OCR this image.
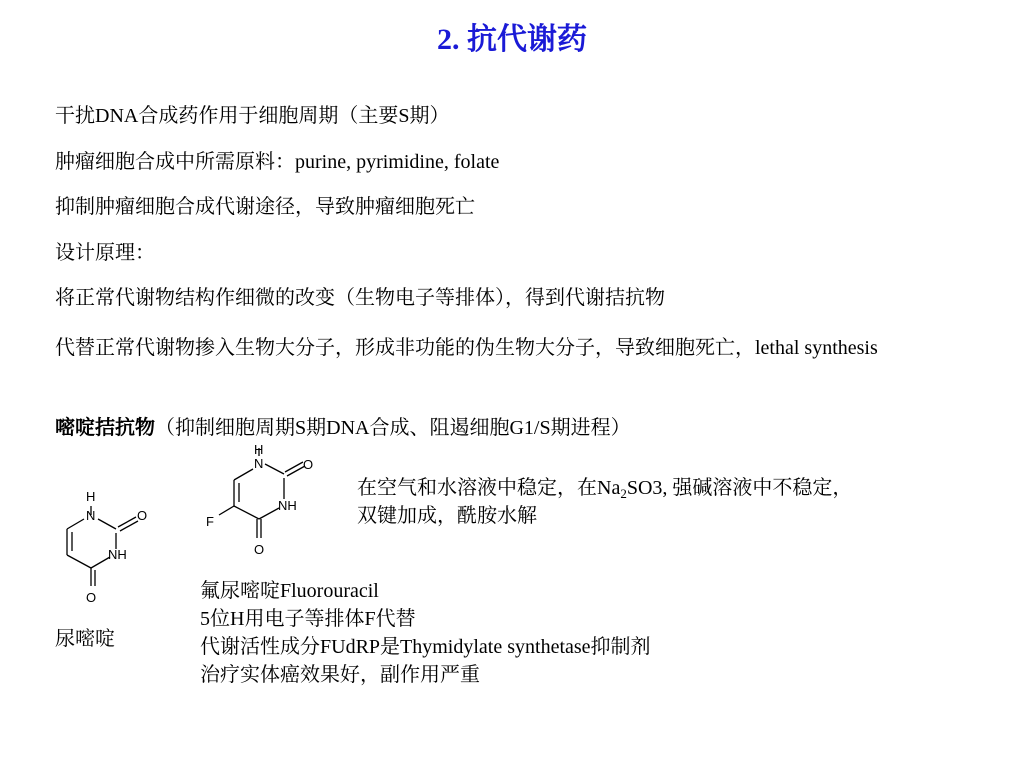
2. 抗代谢药
干扰DNA合成药作用于细胞周期（主要S期）
肿瘤细胞合成中所需原料：purine, pyrimidine, folate
抑制肿瘤细胞合成代谢途径，导致肿瘤细胞死亡
设计原理：
将正常代谢物结构作细微的改变（生物电子等排体），得到代谢拮抗物
代替正常代谢物掺入生物大分子，形成非功能的伪生物大分子，导致细胞死亡，lethal synthesis
嘧啶拮抗物（抑制细胞周期S期DNA合成、阻遏细胞G1/S期进程）
H
N	O
NH
O
尿嘧啶
H
N	O
NH
O
F
在空气和水溶液中稳定，在$Na_2SO3$, 强碱溶液中不稳定，
双键加成，酰胺水解
氟尿嘧啶Fluorouracil
5位H用电子等排体F代替
代谢活性成分FUdRP是Thymidylate synthetase抑制剂
治疗实体癌效果好，副作用严重
